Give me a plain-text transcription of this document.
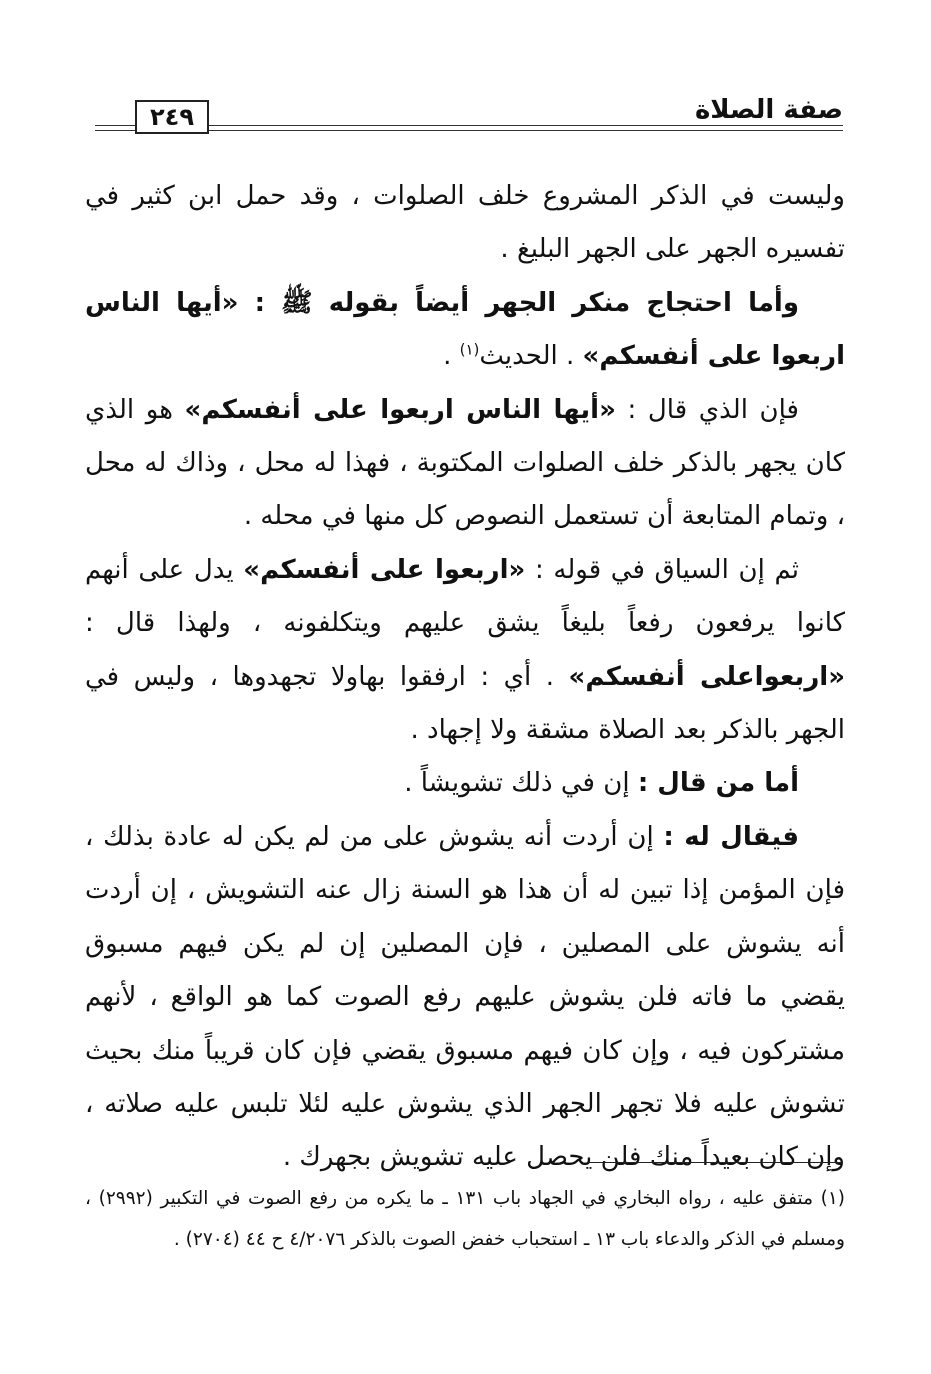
صفة الصلاة
٢٤٩

وليست في الذكر المشروع خلف الصلوات ، وقد حمل ابن كثير في تفسيره الجهر على الجهر البليغ .

وأما احتجاج منكر الجهر أيضاً بقوله ﷺ : «أيها الناس اربعوا على أنفسكم» . الحديث$^{(١)}$ .

فإن الذي قال : «أيها الناس اربعوا على أنفسكم» هو الذي كان يجهر بالذكر خلف الصلوات المكتوبة ، فهذا له محل ، وذاك له محل ، وتمام المتابعة أن تستعمل النصوص كل منها في محله .

ثم إن السياق في قوله : «اربعوا على أنفسكم» يدل على أنهم كانوا يرفعون رفعاً بليغاً يشق عليهم ويتكلفونه ، ولهذا قال : «اربعواعلى أنفسكم» . أي : ارفقوا بهاولا تجهدوها ، وليس في الجهر بالذكر بعد الصلاة مشقة ولا إجهاد .

أما من قال : إن في ذلك تشويشاً .

فيقال له : إن أردت أنه يشوش على من لم يكن له عادة بذلك ، فإن المؤمن إذا تبين له أن هذا هو السنة زال عنه التشويش ، إن أردت أنه يشوش على المصلين ، فإن المصلين إن لم يكن فيهم مسبوق يقضي ما فاته فلن يشوش عليهم رفع الصوت كما هو الواقع ، لأنهم مشتركون فيه ، وإن كان فيهم مسبوق يقضي فإن كان قريباً منك بحيث تشوش عليه فلا تجهر الجهر الذي يشوش عليه لئلا تلبس عليه صلاته ، وإن كان بعيداً منك فلن يحصل عليه تشويش بجهرك .

(١) متفق عليه ، رواه البخاري في الجهاد باب ١٣١ ـ ما يكره من رفع الصوت في التكبير (٢٩٩٢) ، ومسلم في الذكر والدعاء باب ١٣ ـ استحباب خفض الصوت بالذكر ٤/٢٠٧٦ ح ٤٤ (٢٧٠٤) .
